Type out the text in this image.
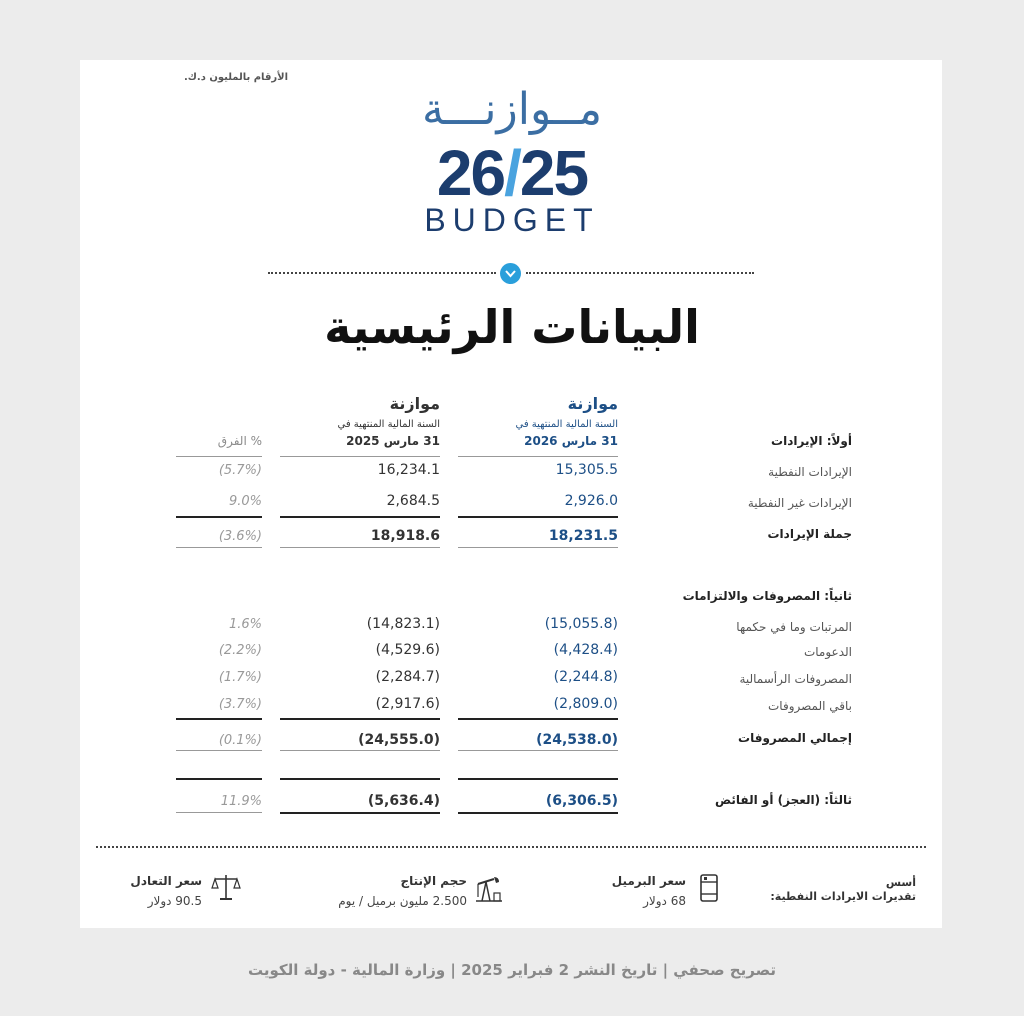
الأرقام بالمليون د.ك.
مــوازنـــة
26/25
BUDGET
البيانات الرئيسية
موازنة
السنة المالية المنتهية في
31 مارس 2026
موازنة
السنة المالية المنتهية في
31 مارس 2025
% الفرق	أولاً: الإيرادات
الإيرادات النفطية
15,305.5
16,234.1
(5.7%)
الإيرادات غير النفطية
2,926.0
2,684.5
9.0%
جملة الإيرادات
18,231.5
18,918.6
(3.6%)
ثانياً: المصروفات والالتزامات
المرتبات وما في حكمها
(15,055.8)
(14,823.1)
1.6%
الدعومات
(4,428.4)
(4,529.6)
(2.2%)
المصروفات الرأسمالية
(2,244.8)
(2,284.7)
(1.7%)
باقي المصروفات
(2,809.0)
(2,917.6)
(3.7%)
إجمالي المصروفات
(24,538.0)
(24,555.0)
(0.1%)
ثالثاً: (العجز) أو الفائض
(6,306.5)
(5,636.4)
11.9%
أسس
تقديرات الايرادات النفطية:
سعر البرميل
68 دولار
حجم الإنتاج
2.500 مليون برميل / يوم
سعر التعادل
90.5 دولار
تصريح صحفي | تاريخ النشر 2 فبراير 2025 | وزارة المالية - دولة الكويت
